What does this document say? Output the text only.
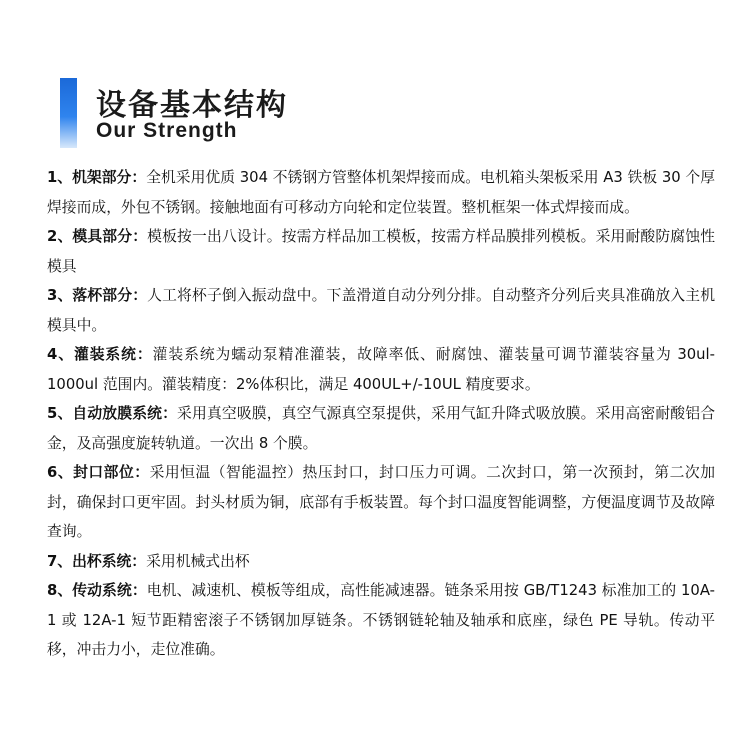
设备基本结构
Our Strength

1、机架部分：全机采用优质 304 不锈钢方管整体机架焊接而成。电机箱头架板采用 A3 铁板 30 个厚焊接而成，外包不锈钢。接触地面有可移动方向轮和定位装置。整机框架一体式焊接而成。

2、模具部分：模板按一出八设计。按需方样品加工模板，按需方样品膜排列模板。采用耐酸防腐蚀性模具

3、落杯部分：人工将杯子倒入振动盘中。下盖滑道自动分列分排。自动整齐分列后夹具准确放入主机模具中。

4、灌装系统：灌装系统为蠕动泵精准灌装，故障率低、耐腐蚀、灌装量可调节灌装容量为 30ul-1000ul 范围内。灌装精度：2%体积比，满足 400UL+/-10UL 精度要求。

5、自动放膜系统：采用真空吸膜，真空气源真空泵提供，采用气缸升降式吸放膜。采用高密耐酸铝合金，及高强度旋转轨道。一次出 8 个膜。

6、封口部位：采用恒温（智能温控）热压封口，封口压力可调。二次封口，第一次预封，第二次加封，确保封口更牢固。封头材质为铜，底部有手板装置。每个封口温度智能调整，方便温度调节及故障查询。

7、出杯系统：采用机械式出杯

8、传动系统：电机、减速机、模板等组成，高性能减速器。链条采用按 GB/T1243 标准加工的 10A-1 或 12A-1 短节距精密滚子不锈钢加厚链条。不锈钢链轮轴及轴承和底座，绿色 PE 导轨。传动平移，冲击力小，走位准确。
